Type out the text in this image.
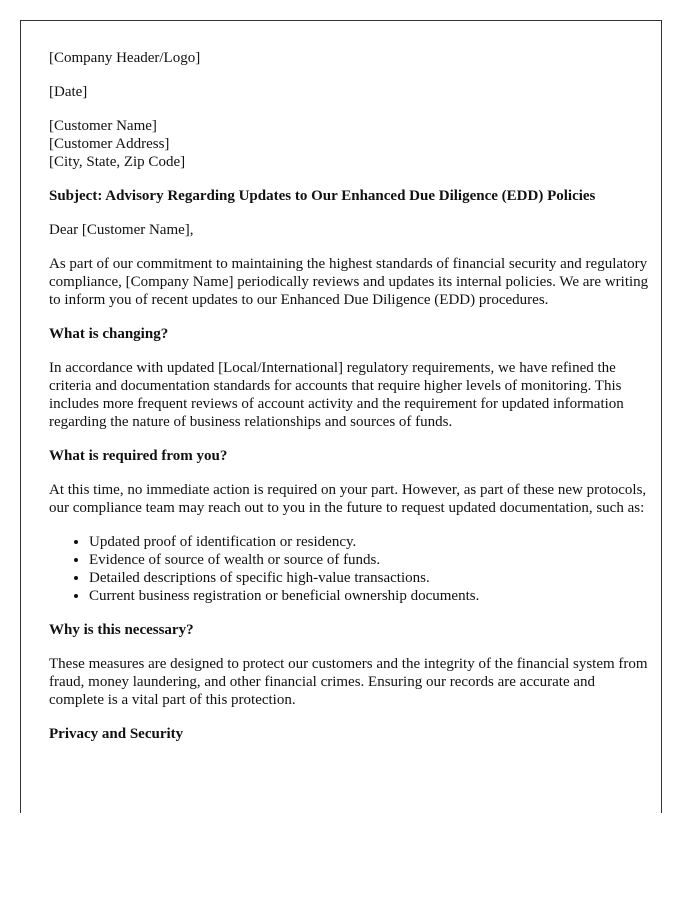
[Company Header/Logo]

[Date]

[Customer Name]
[Customer Address]
[City, State, Zip Code]

Subject: Advisory Regarding Updates to Our Enhanced Due Diligence (EDD) Policies

Dear [Customer Name],

As part of our commitment to maintaining the highest standards of financial security and regulatory compliance, [Company Name] periodically reviews and updates its internal policies. We are writing to inform you of recent updates to our Enhanced Due Diligence (EDD) procedures.

What is changing?

In accordance with updated [Local/International] regulatory requirements, we have refined the criteria and documentation standards for accounts that require higher levels of monitoring. This includes more frequent reviews of account activity and the requirement for updated information regarding the nature of business relationships and sources of funds.

What is required from you?

At this time, no immediate action is required on your part. However, as part of these new protocols, our compliance team may reach out to you in the future to request updated documentation, such as:

• Updated proof of identification or residency.
• Evidence of source of wealth or source of funds.
• Detailed descriptions of specific high-value transactions.
• Current business registration or beneficial ownership documents.

Why is this necessary?

These measures are designed to protect our customers and the integrity of the financial system from fraud, money laundering, and other financial crimes. Ensuring our records are accurate and complete is a vital part of this protection.

Privacy and Security
